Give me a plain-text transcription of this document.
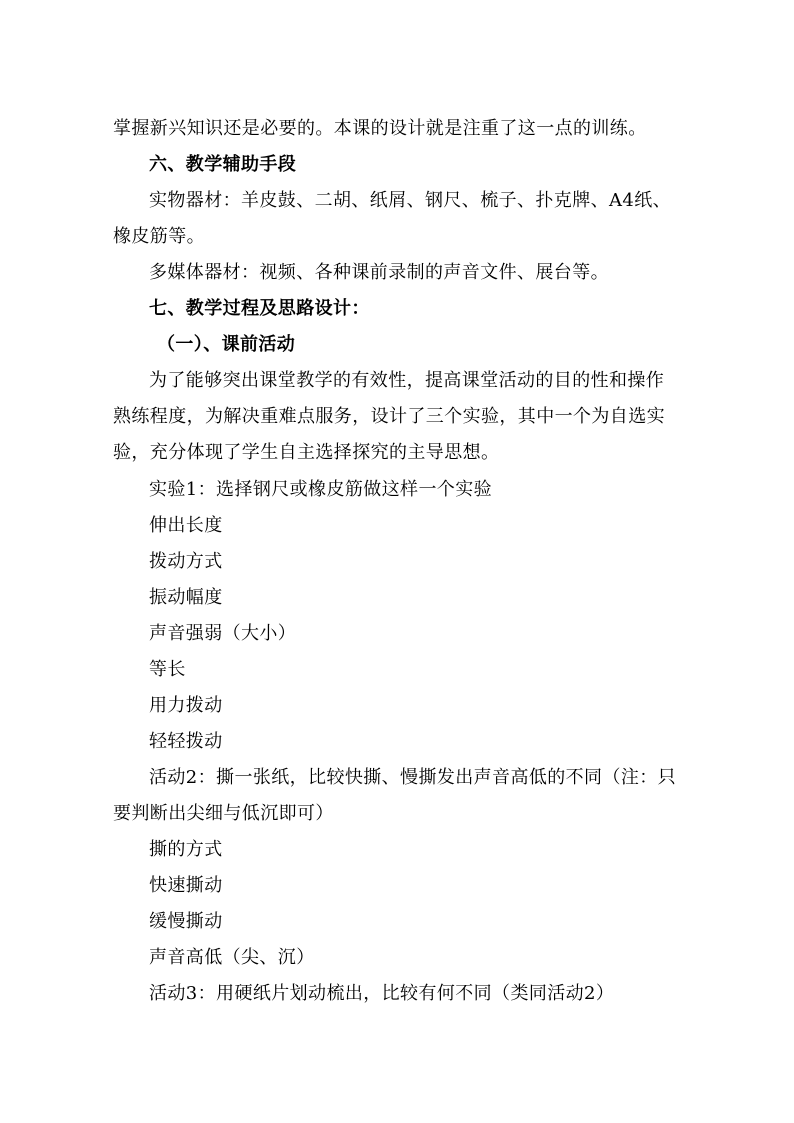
掌握新兴知识还是必要的。本课的设计就是注重了这一点的训练。
六、教学辅助手段
实物器材：羊皮鼓、二胡、纸屑、钢尺、梳子、扑克牌、A4纸、
橡皮筋等。
多媒体器材：视频、各种课前录制的声音文件、展台等。
七、教学过程及思路设计：
（一）、课前活动
为了能够突出课堂教学的有效性，提高课堂活动的目的性和操作
熟练程度，为解决重难点服务，设计了三个实验，其中一个为自选实
验，充分体现了学生自主选择探究的主导思想。
实验1：选择钢尺或橡皮筋做这样一个实验
伸出长度
拨动方式
振动幅度
声音强弱（大小）
等长
用力拨动
轻轻拨动
活动2：撕一张纸，比较快撕、慢撕发出声音高低的不同（注：只
要判断出尖细与低沉即可）
撕的方式
快速撕动
缓慢撕动
声音高低（尖、沉）
活动3：用硬纸片划动梳出，比较有何不同（类同活动2）
